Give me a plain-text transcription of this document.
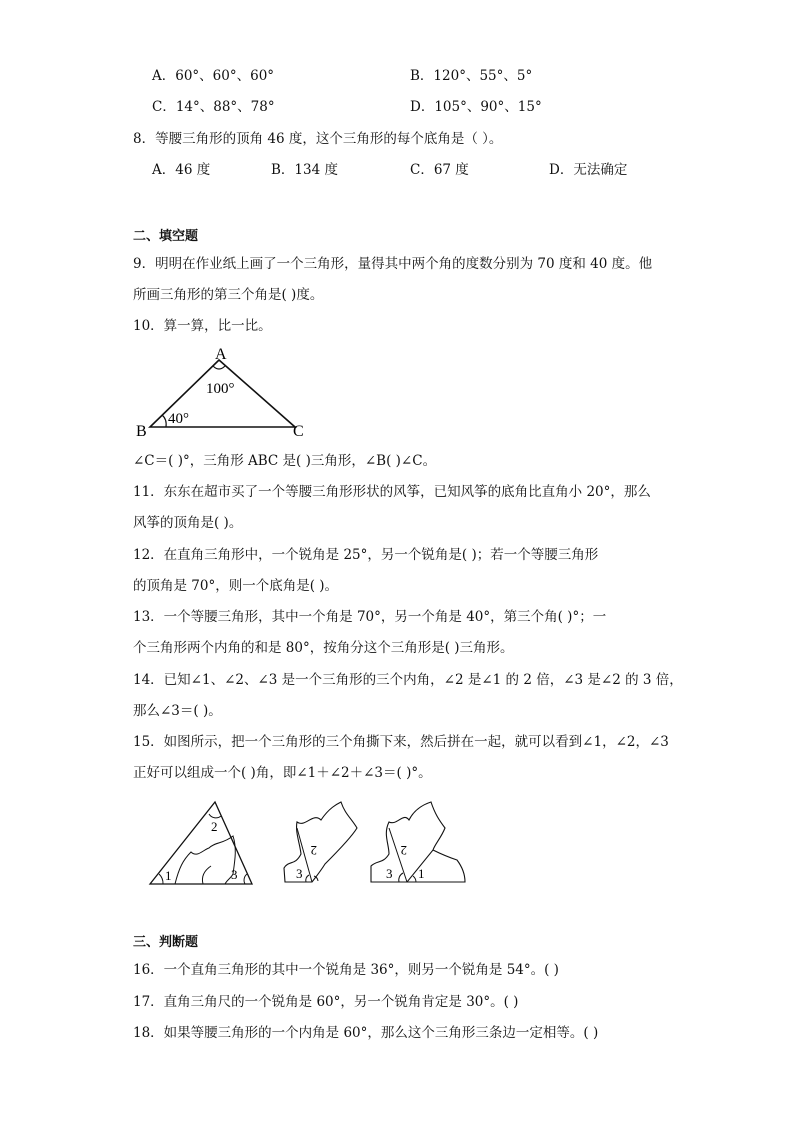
A．60°、60°、60°	B．120°、55°、5°
C．14°、88°、78°	D．105°、90°、15°
8．等腰三角形的顶角 46 度，这个三角形的每个底角是（ ）。
A．46 度	B．134 度	C．67 度	D．无法确定
二、填空题
9．明明在作业纸上画了一个三角形，量得其中两个角的度数分别为 70 度和 40 度。他
所画三角形的第三个角是( )度。
10．算一算，比一比。
A
B	C
100°
40°
∠C＝( )°，三角形 ABC 是( )三角形，∠B( )∠C。
11．东东在超市买了一个等腰三角形形状的风筝，已知风筝的底角比直角小 20°，那么
风筝的顶角是( )。
12．在直角三角形中，一个锐角是 25°，另一个锐角是( )；若一个等腰三角形
的顶角是 70°，则一个底角是( )。
13．一个等腰三角形，其中一个角是 70°，另一个角是 40°，第三个角( )°；一
个三角形两个内角的和是 80°，按角分这个三角形是( )三角形。
14．已知∠1、∠2、∠3 是一个三角形的三个内角，∠2 是∠1 的 2 倍，∠3 是∠2 的 3 倍，
那么∠3＝( )。
15．如图所示，把一个三角形的三个角撕下来，然后拼在一起，就可以看到∠1，∠2，∠3
正好可以组成一个( )角，即∠1＋∠2＋∠3＝( )°。
1
2
3	3
2
3
2
1
三、判断题
16．一个直角三角形的其中一个锐角是 36°，则另一个锐角是 54°。( )
17．直角三角尺的一个锐角是 60°，另一个锐角肯定是 30°。( )
18．如果等腰三角形的一个内角是 60°，那么这个三角形三条边一定相等。( )
